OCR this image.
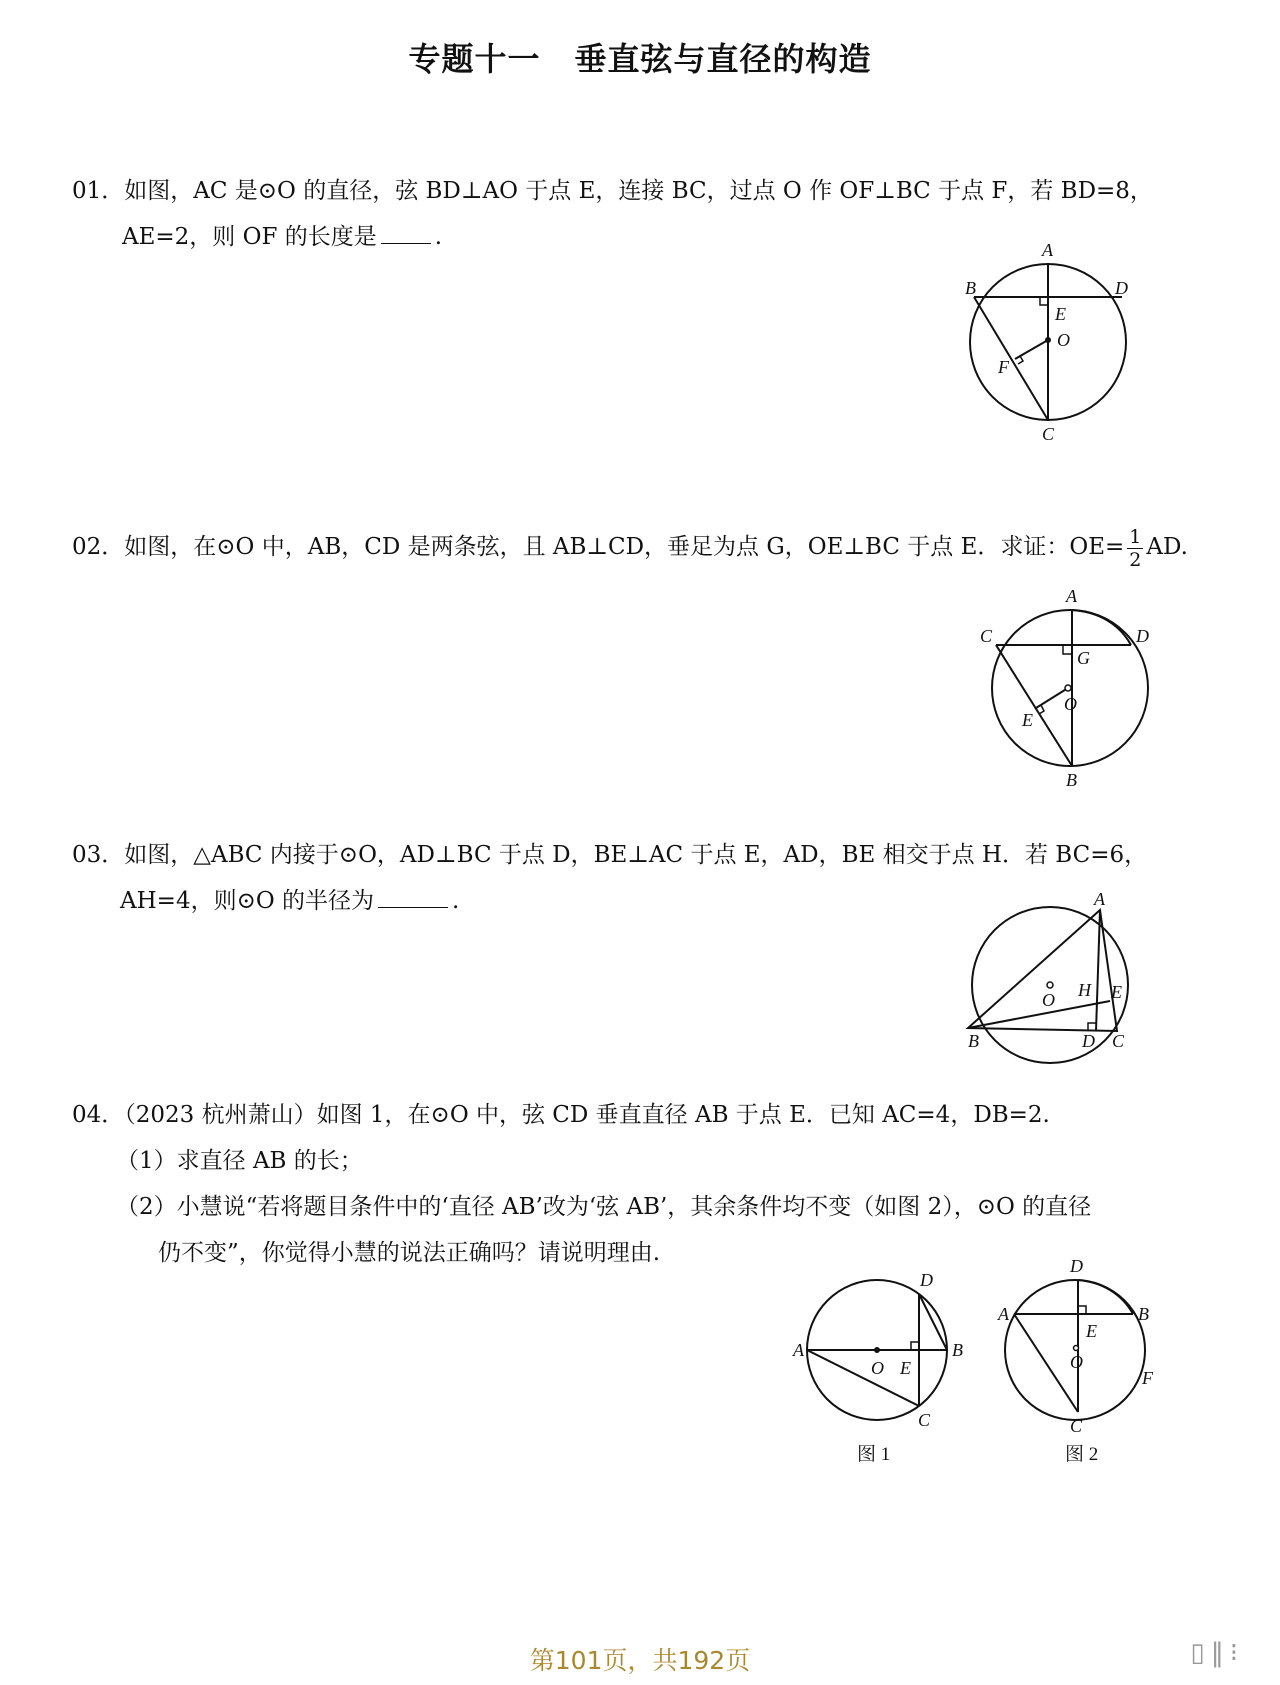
专题十一 垂直弦与直径的构造
01．如图，AC 是⊙O 的直径，弦 BD⊥AO 于点 E，连接 BC，过点 O 作 OF⊥BC 于点 F，若 BD=8，
AE=2，则 OF 的长度是	.	A
B	D
E
O
F
C
02．如图，在⊙O 中，AB，CD 是两条弦，且 AB⊥CD，垂足为点 G，OE⊥BC 于点 E．求证：$OE= \frac{1}{2}$ AD.
A
C	D
G
E
O
B
03．如图，△ABC 内接于⊙O，AD⊥BC 于点 D，BE⊥AC 于点 E，AD，BE 相交于点 H．若 BC=6，
AH=4，则⊙O 的半径为	.	A
O H E
B	D C
04．（2023 杭州萧山）如图 1，在⊙O 中，弦 CD 垂直直径 AB 于点 E．已知 AC=4，DB=2.
（1）求直径 AB 的长；
（2）小慧说“若将题目条件中的‘直径 AB’改为‘弦 AB’，其余条件均不变（如图 2），⊙O 的直径
仍不变”，你觉得小慧的说法正确吗？请说明理由.
D
A	B
O E
C
图 1
D
A	B
E
O
F
C
图 2
第101页，共192页	▯‖⁝
